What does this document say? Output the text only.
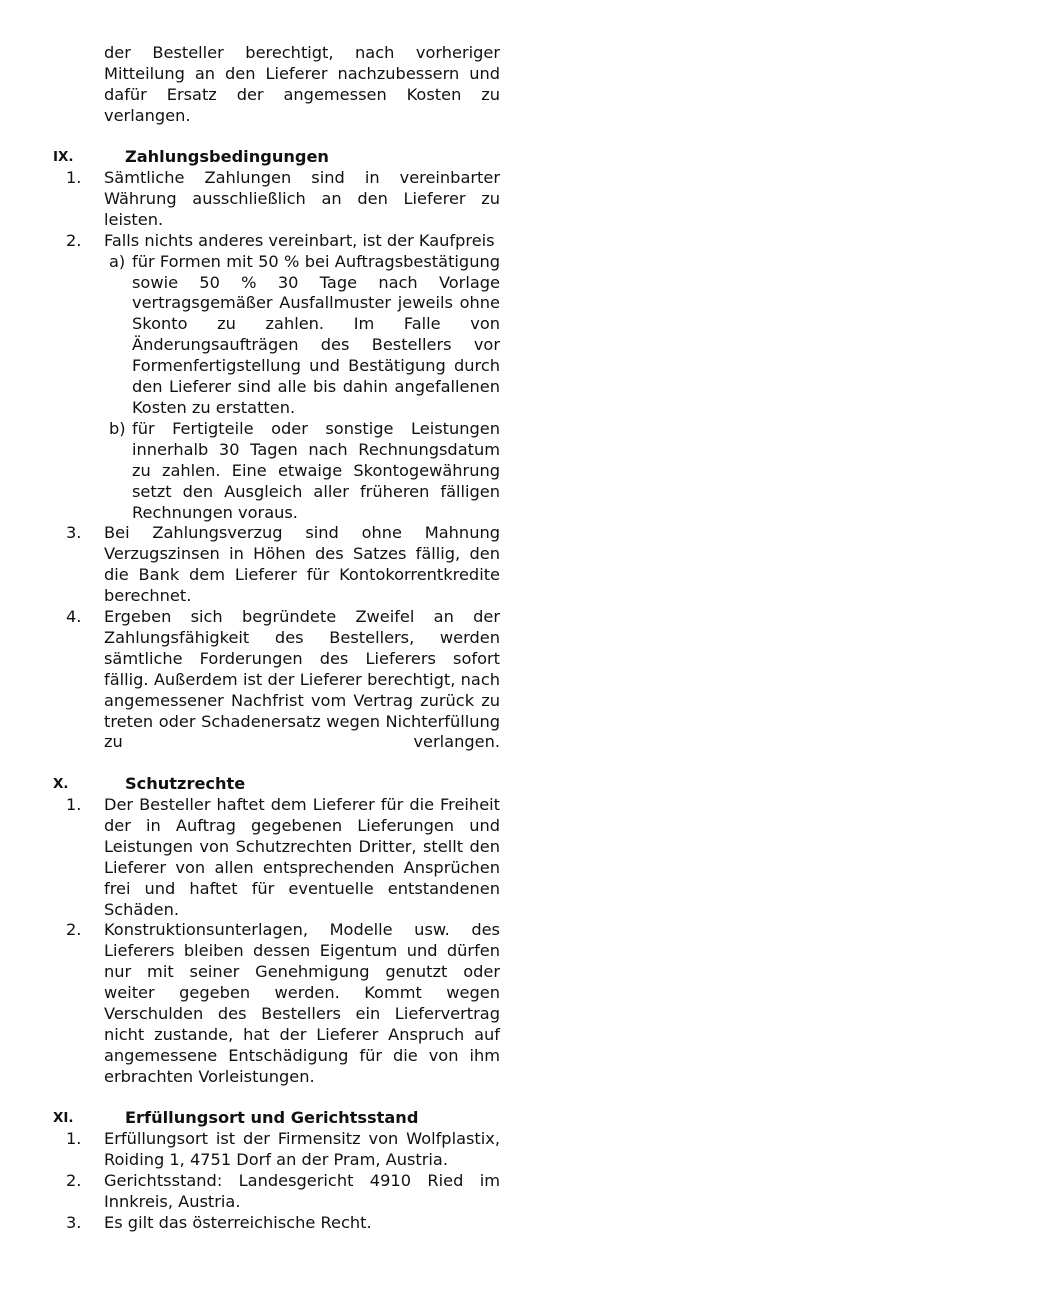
der Besteller berechtigt, nach vorheriger Mitteilung an den Lieferer nachzubessern und dafür Ersatz der angemessen Kosten zu verlangen.

IX.	Zahlungsbedingungen
1. Sämtliche Zahlungen sind in vereinbarter Währung ausschließlich an den Lieferer zu leisten.
2. Falls nichts anderes vereinbart, ist der Kaufpreis
a) für Formen mit 50 % bei Auftragsbestätigung sowie 50 % 30 Tage nach Vorlage vertragsgemäßer Ausfallmuster jeweils ohne Skonto zu zahlen. Im Falle von Änderungsaufträgen des Bestellers vor Formenfertigstellung und Bestätigung durch den Lieferer sind alle bis dahin angefallenen Kosten zu erstatten.
b) für Fertigteile oder sonstige Leistungen innerhalb 30 Tagen nach Rechnungsdatum zu zahlen. Eine etwaige Skontogewährung setzt den Ausgleich aller früheren fälligen Rechnungen voraus.
3. Bei Zahlungsverzug sind ohne Mahnung Verzugszinsen in Höhen des Satzes fällig, den die Bank dem Lieferer für Kontokorrentkredite berechnet.
4. Ergeben sich begründete Zweifel an der Zahlungsfähigkeit des Bestellers, werden sämtliche Forderungen des Lieferers sofort fällig. Außerdem ist der Lieferer berechtigt, nach angemessener Nachfrist vom Vertrag zurück zu treten oder Schadenersatz wegen Nichterfüllung zu verlangen.
X.	Schutzrechte
1. Der Besteller haftet dem Lieferer für die Freiheit der in Auftrag gegebenen Lieferungen und Leistungen von Schutzrechten Dritter, stellt den Lieferer von allen entsprechenden Ansprüchen frei und haftet für eventuelle entstandenen Schäden.
2. Konstruktionsunterlagen, Modelle usw. des Lieferers bleiben dessen Eigentum und dürfen nur mit seiner Genehmigung genutzt oder weiter gegeben werden. Kommt wegen Verschulden des Bestellers ein Liefervertrag nicht zustande, hat der Lieferer Anspruch auf angemessene Entschädigung für die von ihm erbrachten Vorleistungen.
XI.	Erfüllungsort und Gerichtsstand
1. Erfüllungsort ist der Firmensitz von Wolfplastix, Roiding 1, 4751 Dorf an der Pram, Austria.
2. Gerichtsstand: Landesgericht 4910 Ried im Innkreis, Austria.
3. Es gilt das österreichische Recht.
